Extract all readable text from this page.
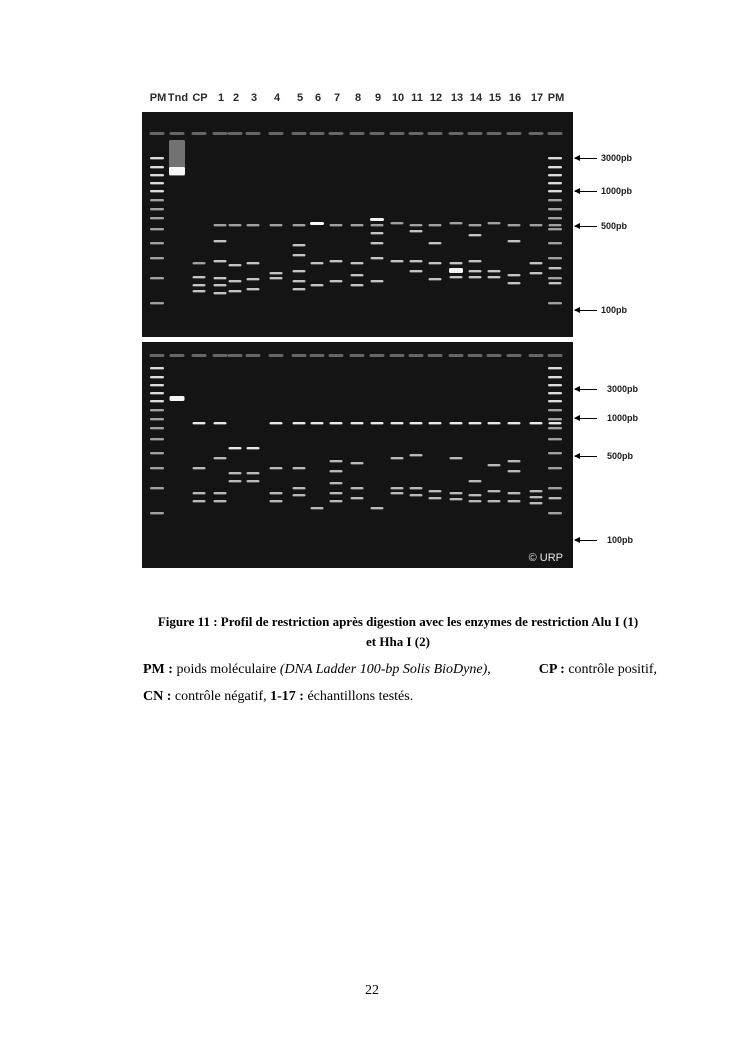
PM Tnd CP 1 2 3 4 5 6 7 8 9 10 11 12 13 14 15 16 17 PM
© URP
3000pb
1000pb
500pb
100pb
3000pb
1000pb
500pb
100pb
Figure 11 : Profil de restriction après digestion avec les enzymes de restriction Alu I (1)
et Hha I (2)
PM : poids moléculaire (DNA Ladder 100-bp Solis BioDyne),	CP : contrôle positif,
CN : contrôle négatif, 1-17 : échantillons testés.
22
